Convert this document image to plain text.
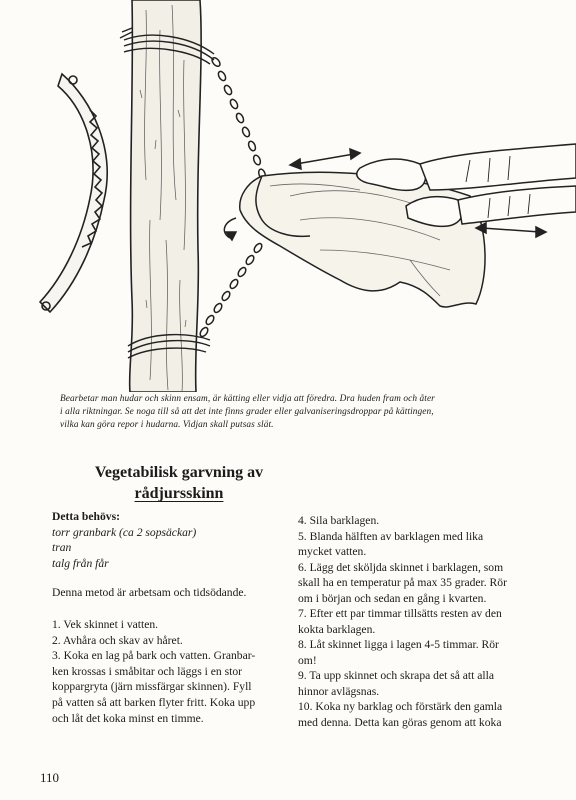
Bearbetar man hudar och skinn ensam, är kätting eller vidja att föredra. Dra huden fram och åter
i alla riktningar. Se noga till så att det inte finns grader eller galvaniseringsdroppar på kättingen,
vilka kan göra repor i hudarna. Vidjan skall putsas slät.
Vegetabilisk garvning av
rådjursskinn
Detta behövs:
torr granbark (ca 2 sopsäckar)
tran
talg från får
Denna metod är arbetsam och tidsödande.
1. Vek skinnet i vatten.
2. Avhåra och skav av håret.
3. Koka en lag på bark och vatten. Granbar-
ken krossas i småbitar och läggs i en stor
koppargryta (järn missfärgar skinnen). Fyll
på vatten så att barken flyter fritt. Koka upp
och låt det koka minst en timme.
4. Sila barklagen.
5. Blanda hälften av barklagen med lika
mycket vatten.
6. Lägg det sköljda skinnet i barklagen, som
skall ha en temperatur på max 35 grader. Rör
om i början och sedan en gång i kvarten.
7. Efter ett par timmar tillsätts resten av den
kokta barklagen.
8. Låt skinnet ligga i lagen 4-5 timmar. Rör
om!
9. Ta upp skinnet och skrapa det så att alla
hinnor avlägsnas.
10. Koka ny barklag och förstärk den gamla
med denna. Detta kan göras genom att koka
110
